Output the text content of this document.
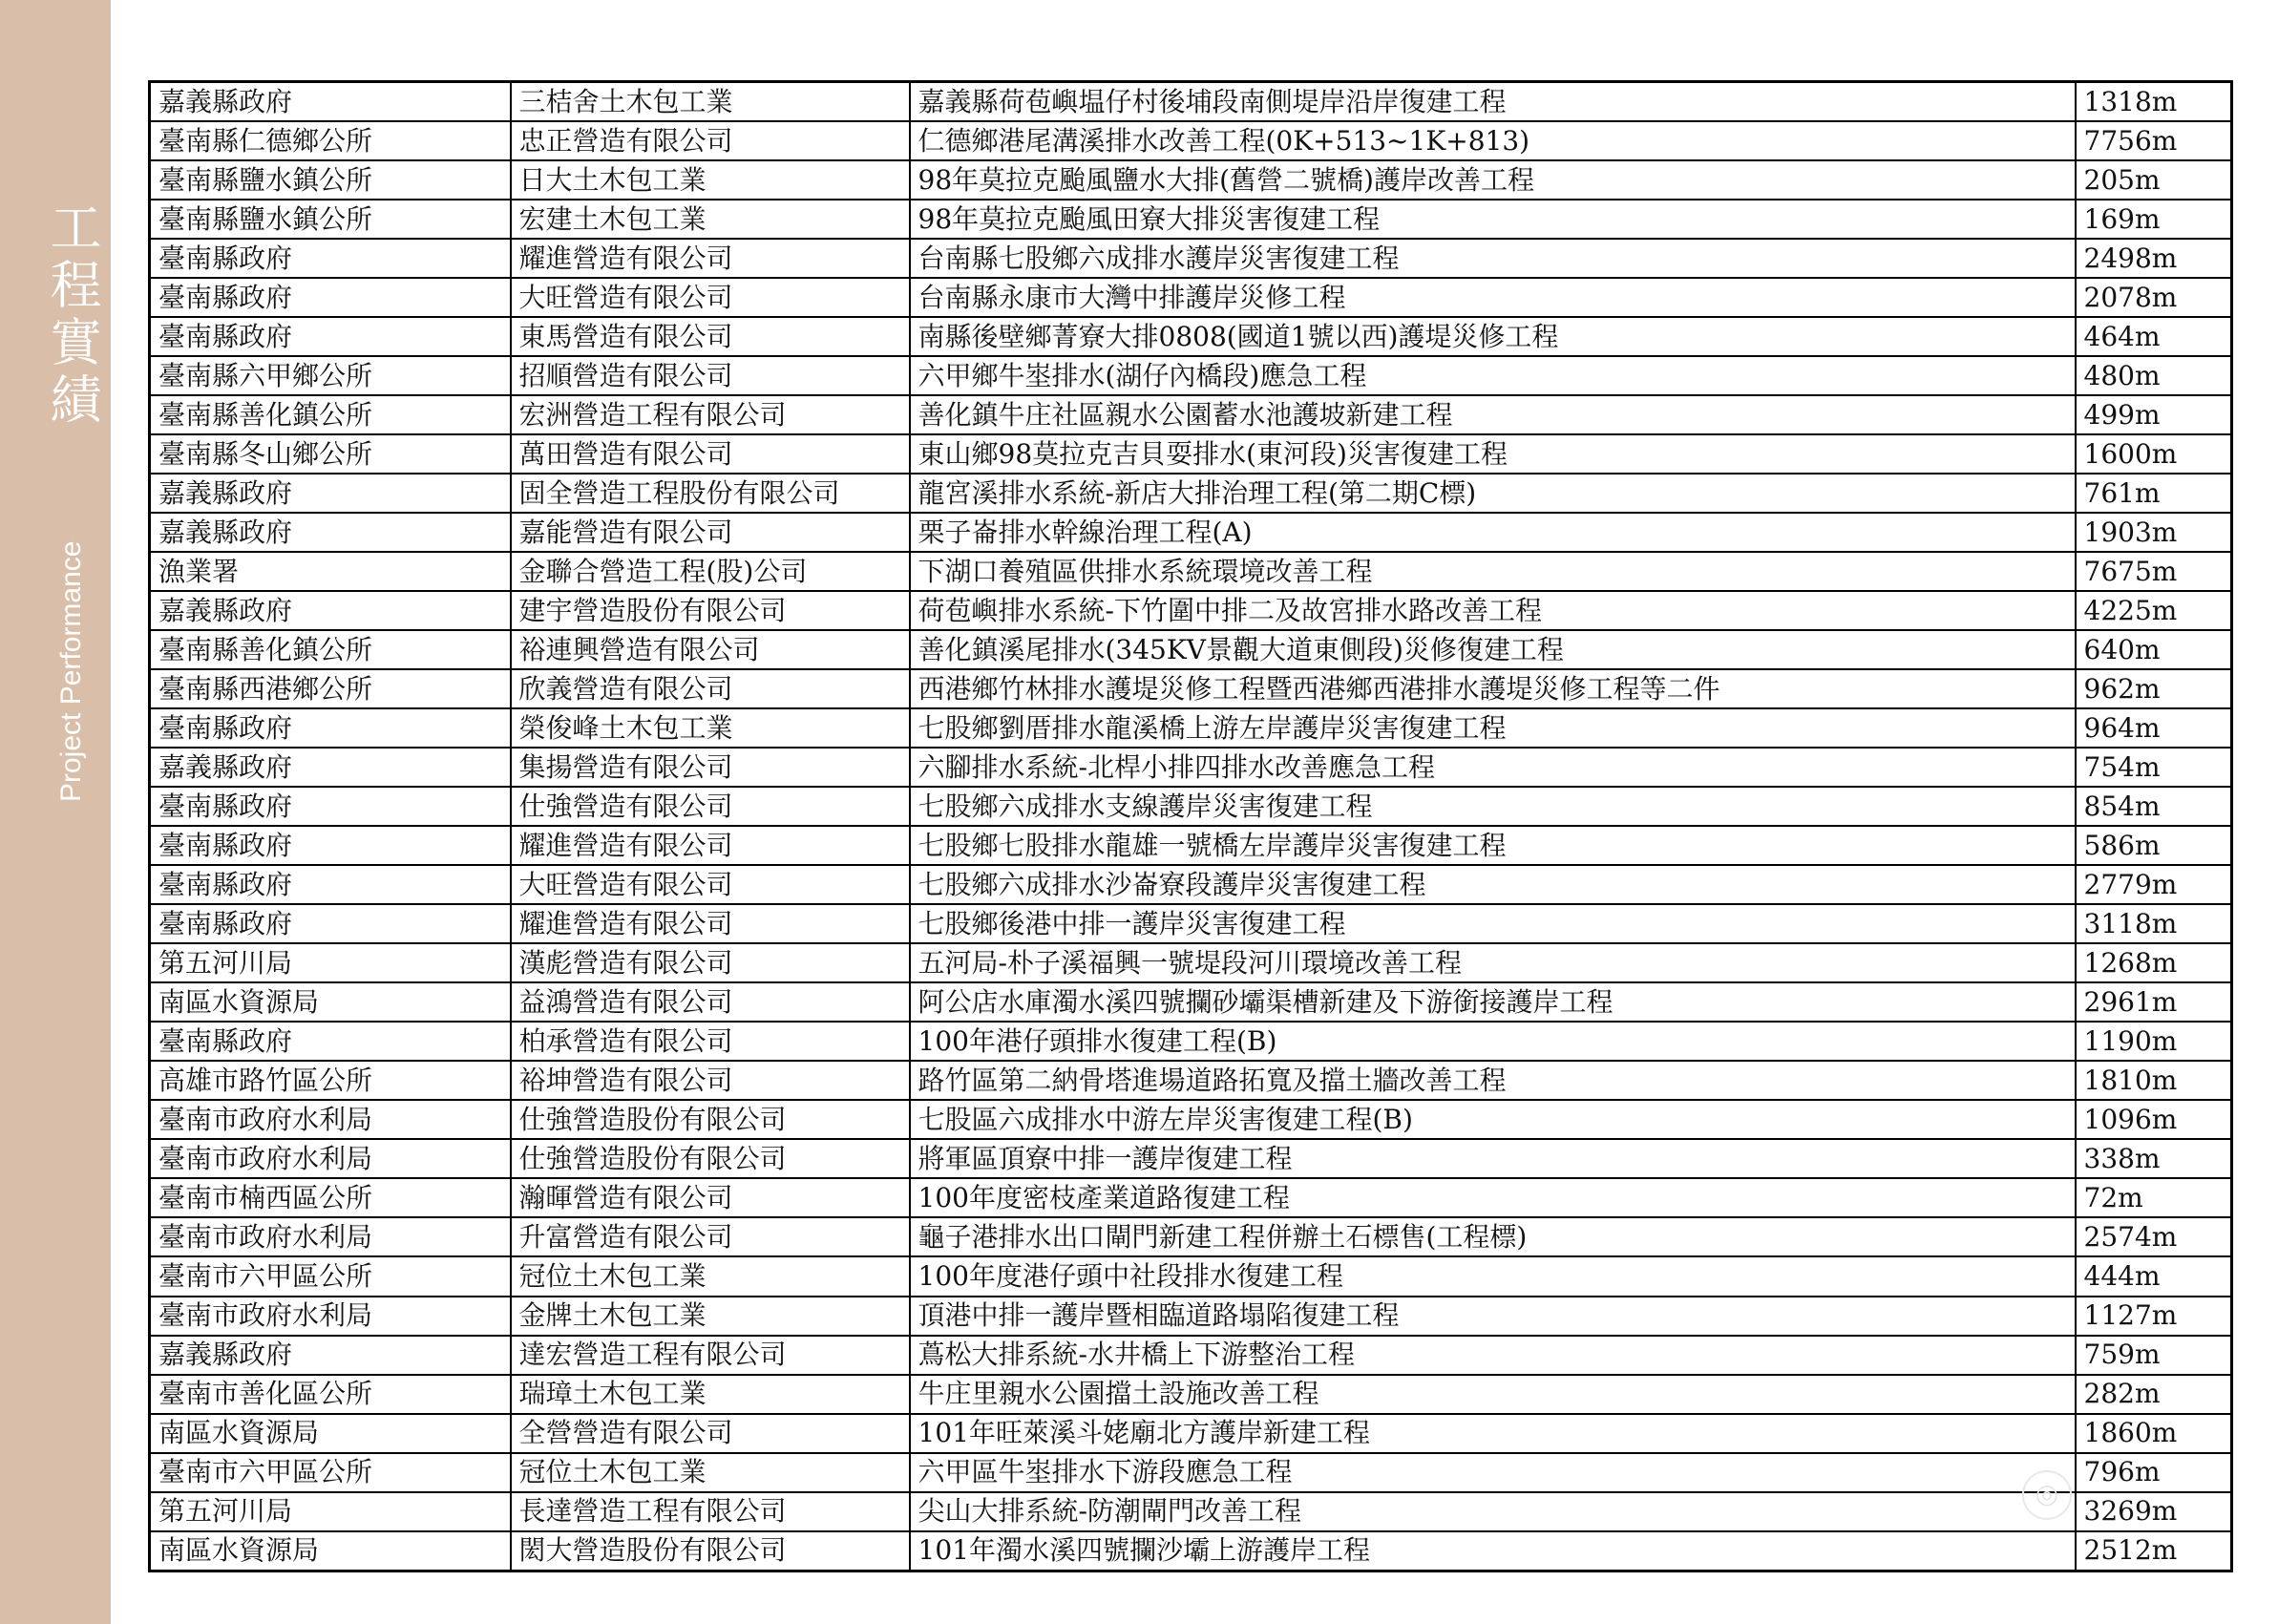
工程實績
Project Performance
嘉義縣政府	三桔舍土木包工業	嘉義縣荷苞嶼塭仔村後埔段南側堤岸沿岸復建工程	1318m
臺南縣仁德鄉公所	忠正營造有限公司	仁德鄉港尾溝溪排水改善工程(0K+513~1K+813)	7756m
臺南縣鹽水鎮公所	日大土木包工業	98年莫拉克颱風鹽水大排(舊營二號橋)護岸改善工程	205m
臺南縣鹽水鎮公所	宏建土木包工業	98年莫拉克颱風田寮大排災害復建工程	169m
臺南縣政府	耀進營造有限公司	台南縣七股鄉六成排水護岸災害復建工程	2498m
臺南縣政府	大旺營造有限公司	台南縣永康市大灣中排護岸災修工程	2078m
臺南縣政府	東馬營造有限公司	南縣後壁鄉菁寮大排0808(國道1號以西)護堤災修工程	464m
臺南縣六甲鄉公所	招順營造有限公司	六甲鄉牛埊排水(湖仔內橋段)應急工程	480m
臺南縣善化鎮公所	宏洲營造工程有限公司	善化鎮牛庄社區親水公園蓄水池護坡新建工程	499m
臺南縣冬山鄉公所	萬田營造有限公司	東山鄉98莫拉克吉貝耍排水(東河段)災害復建工程	1600m
嘉義縣政府	固全營造工程股份有限公司	龍宮溪排水系統-新店大排治理工程(第二期C標)	761m
嘉義縣政府	嘉能營造有限公司	栗子崙排水幹線治理工程(A)	1903m
漁業署	金聯合營造工程(股)公司	下湖口養殖區供排水系統環境改善工程	7675m
嘉義縣政府	建宇營造股份有限公司	荷苞嶼排水系統-下竹圍中排二及故宮排水路改善工程	4225m
臺南縣善化鎮公所	裕連興營造有限公司	善化鎮溪尾排水(345KV景觀大道東側段)災修復建工程	640m
臺南縣西港鄉公所	欣義營造有限公司	西港鄉竹林排水護堤災修工程暨西港鄉西港排水護堤災修工程等二件	962m
臺南縣政府	榮俊峰土木包工業	七股鄉劉厝排水龍溪橋上游左岸護岸災害復建工程	964m
嘉義縣政府	集揚營造有限公司	六腳排水系統-北桿小排四排水改善應急工程	754m
臺南縣政府	仕強營造有限公司	七股鄉六成排水支線護岸災害復建工程	854m
臺南縣政府	耀進營造有限公司	七股鄉七股排水龍雄一號橋左岸護岸災害復建工程	586m
臺南縣政府	大旺營造有限公司	七股鄉六成排水沙崙寮段護岸災害復建工程	2779m
臺南縣政府	耀進營造有限公司	七股鄉後港中排一護岸災害復建工程	3118m
第五河川局	漢彪營造有限公司	五河局-朴子溪福興一號堤段河川環境改善工程	1268m
南區水資源局	益鴻營造有限公司	阿公店水庫濁水溪四號攔砂壩渠槽新建及下游銜接護岸工程	2961m
臺南縣政府	柏承營造有限公司	100年港仔頭排水復建工程(B)	1190m
高雄市路竹區公所	裕坤營造有限公司	路竹區第二納骨塔進場道路拓寬及擋土牆改善工程	1810m
臺南市政府水利局	仕強營造股份有限公司	七股區六成排水中游左岸災害復建工程(B)	1096m
臺南市政府水利局	仕強營造股份有限公司	將軍區頂寮中排一護岸復建工程	338m
臺南市楠西區公所	瀚暉營造有限公司	100年度密枝產業道路復建工程	72m
臺南市政府水利局	升富營造有限公司	龜子港排水出口閘門新建工程併辦土石標售(工程標)	2574m
臺南市六甲區公所	冠位土木包工業	100年度港仔頭中社段排水復建工程	444m
臺南市政府水利局	金牌土木包工業	頂港中排一護岸暨相臨道路塌陷復建工程	1127m
嘉義縣政府	達宏營造工程有限公司	蔦松大排系統-水井橋上下游整治工程	759m
臺南市善化區公所	瑞璋土木包工業	牛庄里親水公園擋土設施改善工程	282m
南區水資源局	全營營造有限公司	101年旺萊溪斗姥廟北方護岸新建工程	1860m
臺南市六甲區公所	冠位土木包工業	六甲區牛埊排水下游段應急工程	796m
第五河川局	長達營造工程有限公司	尖山大排系統-防潮閘門改善工程	3269m
南區水資源局	閎大營造股份有限公司	101年濁水溪四號攔沙壩上游護岸工程	2512m
◎
